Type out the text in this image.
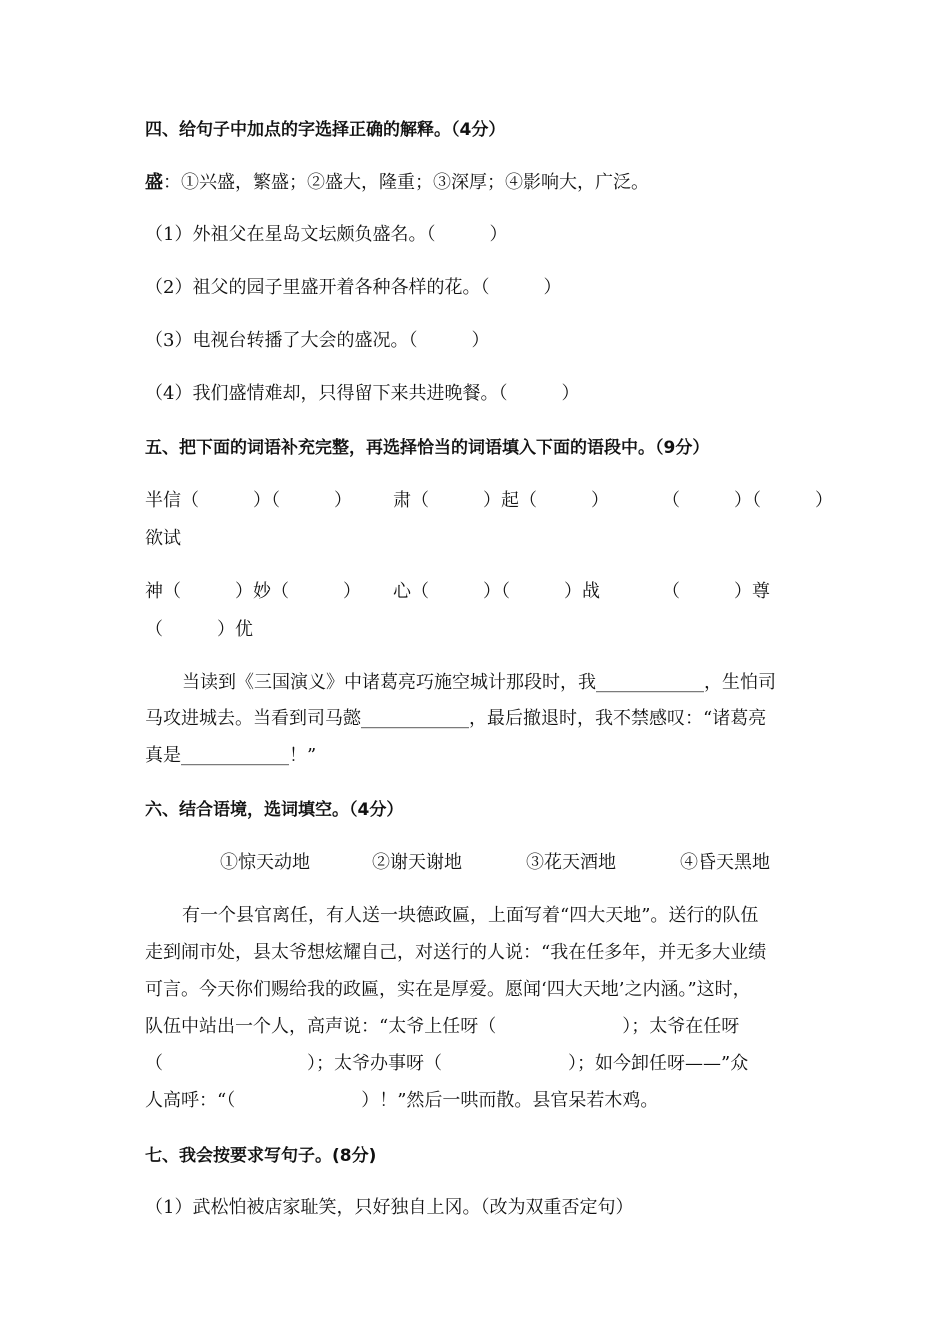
四、给句子中加点的字选择正确的解释。（4分）
盛：①兴盛，繁盛；②盛大，隆重；③深厚；④影响大，广泛。
（1）外祖父在星岛文坛颇负盛名。（　　　）
（2）祖父的园子里盛开着各种各样的花。（　　　）
（3）电视台转播了大会的盛况。（　　　）
（4）我们盛情难却，只得留下来共进晚餐。（　　　）
五、把下面的词语补充完整，再选择恰当的词语填入下面的语段中。（9分）
半信（　　　）（　　　） 肃（　　　）起（　　　）	（　　　）（　　　）
欲试
神（　　　）妙（　　　） 心（　　　）（　　　）战	（　　　）尊
（　　　）优
当读到《三国演义》中诸葛亮巧施空城计那段时，我____________，生怕司
马攻进城去。当看到司马懿____________，最后撤退时，我不禁感叹：“诸葛亮
真是____________！”
六、结合语境，选词填空。（4分）
①惊天动地	②谢天谢地	③花天酒地	④昏天黑地
有一个县官离任，有人送一块德政匾，上面写着“四大天地”。送行的队伍
走到闹市处，县太爷想炫耀自己，对送行的人说：“我在任多年，并无多大业绩
可言。今天你们赐给我的政匾，实在是厚爱。愿闻‘四大天地’之内涵。”这时，
队伍中站出一个人，高声说：“太爷上任呀（　　　　　　　）；太爷在任呀
（　　　　　　　　）；太爷办事呀（　　　　　　　）；如今卸任呀——”众
人高呼：“（　　　　　　　）！”然后一哄而散。县官呆若木鸡。
七、我会按要求写句子。(8分)
（1）武松怕被店家耻笑，只好独自上冈。（改为双重否定句）
